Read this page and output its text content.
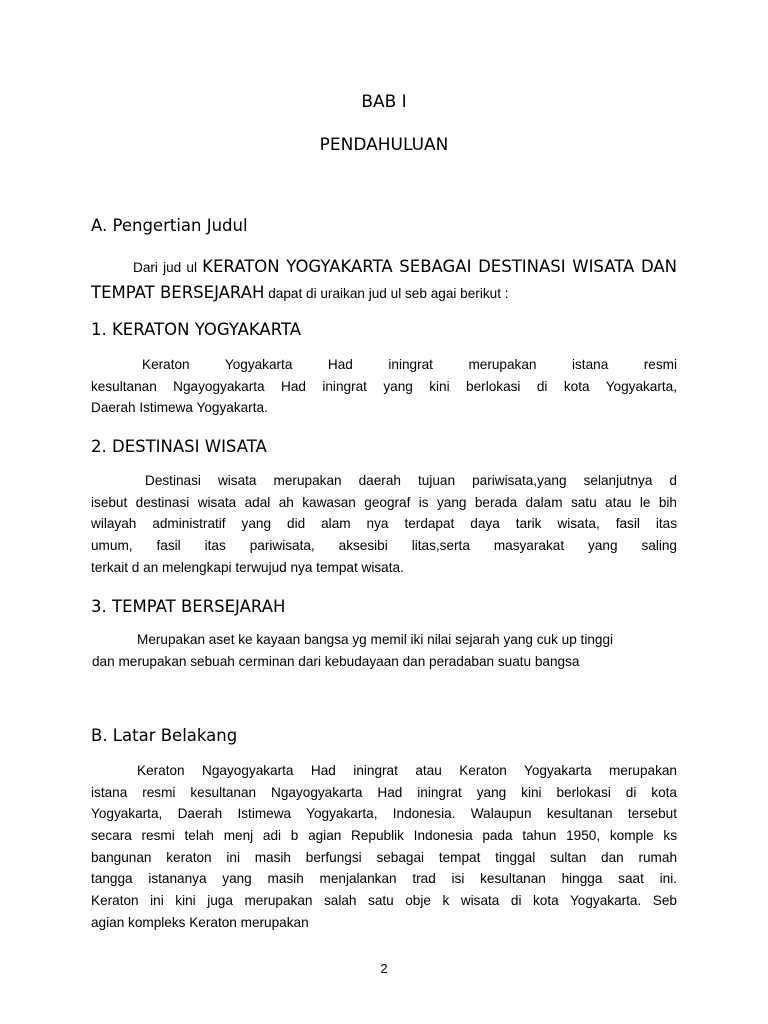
BAB I
PENDAHULUAN
A. Pengertian Judul
Dari jud ul KERATON YOGYAKARTA SEBAGAI DESTINASI WISATA DAN
TEMPAT BERSEJARAH dapat di uraikan jud ul seb agai berikut :
1. KERATON YOGYAKARTA
Keraton Yogyakarta Had iningrat merupakan istana resmi
kesultanan Ngayogyakarta Had iningrat yang kini berlokasi di kota Yogyakarta,
Daerah Istimewa Yogyakarta.
2. DESTINASI WISATA
Destinasi wisata merupakan daerah tujuan pariwisata,yang selanjutnya d
isebut destinasi wisata adal ah kawasan geograf is yang berada dalam satu atau le bih
wilayah administratif yang did alam nya terdapat daya tarik wisata, fasil itas
umum, fasil itas pariwisata, aksesibi litas,serta masyarakat yang saling
terkait d an melengkapi terwujud nya tempat wisata.
3. TEMPAT BERSEJARAH
Merupakan aset ke kayaan bangsa yg memil iki nilai sejarah yang cuk up tinggi
dan merupakan sebuah cerminan dari kebudayaan dan peradaban suatu bangsa
B. Latar Belakang
Keraton Ngayogyakarta Had iningrat atau Keraton Yogyakarta merupakan
istana resmi kesultanan Ngayogyakarta Had iningrat yang kini berlokasi di kota
Yogyakarta, Daerah Istimewa Yogyakarta, Indonesia. Walaupun kesultanan tersebut
secara resmi telah menj adi b agian Republik Indonesia pada tahun 1950, komple ks
bangunan keraton ini masih berfungsi sebagai tempat tinggal sultan dan rumah
tangga istananya yang masih menjalankan trad isi kesultanan hingga saat ini.
Keraton ini kini juga merupakan salah satu obje k wisata di kota Yogyakarta. Seb
agian kompleks Keraton merupakan
2
